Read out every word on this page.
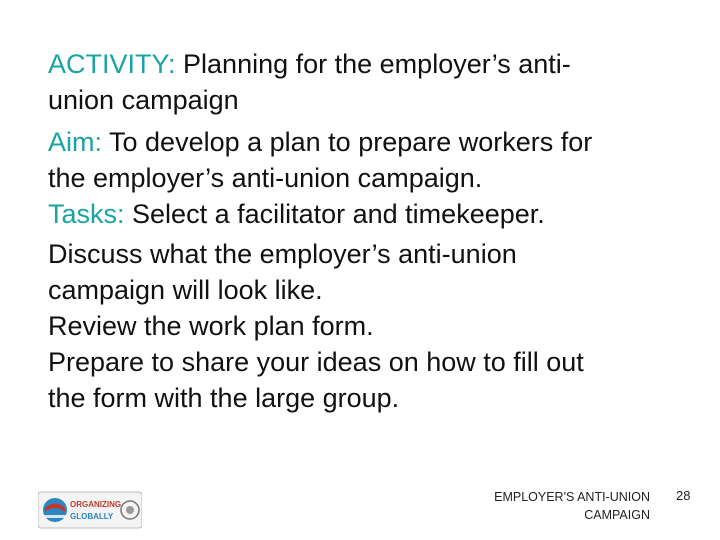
ACTIVITY: Planning for the employer’s anti-
union campaign

Aim: To develop a plan to prepare workers for
the employer’s anti-union campaign.

Tasks: Select a facilitator and timekeeper.

Discuss what the employer’s anti-union
campaign will look like.
Review the work plan form.
Prepare to share your ideas on how to fill out
the form with the large group.

ORGANIZING
GLOBALLY
EMPLOYER'S ANTI-UNION
CAMPAIGN
28
